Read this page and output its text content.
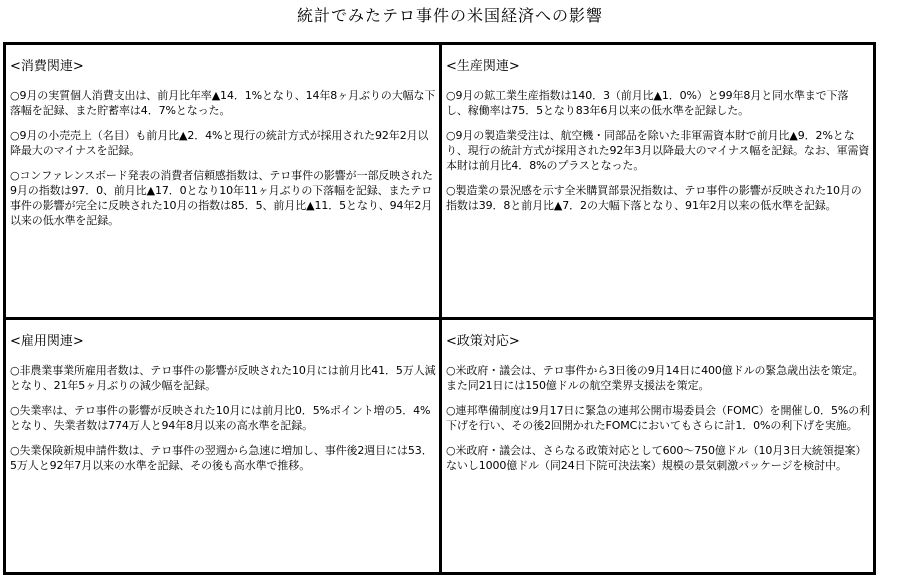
統計でみたテロ事件の米国経済への影響
<消費関連>

○9月の実質個人消費支出は、前月比年率▲14．1%となり、14年8ヶ月ぶりの大幅な下落幅を記録、また貯蓄率は4．7%となった。

○9月の小売売上（名目）も前月比▲2．4%と現行の統計方式が採用された92年2月以降最大のマイナスを記録。

○コンファレンスボード発表の消費者信頼感指数は、テロ事件の影響が一部反映された9月の指数は97．0、前月比▲17．0となり10年11ヶ月ぶりの下落幅を記録、またテロ事件の影響が完全に反映された10月の指数は85．5、前月比▲11．5となり、94年2月以来の低水準を記録。

<生産関連>

○9月の鉱工業生産指数は140．3（前月比▲1．0%）と99年8月と同水準まで下落し、稼働率は75．5となり83年6月以来の低水準を記録した。

○9月の製造業受注は、航空機・同部品を除いた非軍需資本財で前月比▲9．2%となり、現行の統計方式が採用された92年3月以降最大のマイナス幅を記録。なお、軍需資本財は前月比4．8%のプラスとなった。

○製造業の景況感を示す全米購買部景況指数は、テロ事件の影響が反映された10月の指数は39．8と前月比▲7．2の大幅下落となり、91年2月以来の低水準を記録。

<雇用関連>

○非農業事業所雇用者数は、テロ事件の影響が反映された10月には前月比41．5万人減となり、21年5ヶ月ぶりの減少幅を記録。

○失業率は、テロ事件の影響が反映された10月には前月比0．5%ポイント増の5．4%となり、失業者数は774万人と94年8月以来の高水準を記録。

○失業保険新規申請件数は、テロ事件の翌週から急速に増加し、事件後2週目には53．5万人と92年7月以来の水準を記録、その後も高水準で推移。

<政策対応>

○米政府・議会は、テロ事件から3日後の9月14日に400億ドルの緊急歳出法を策定。また同21日には150億ドルの航空業界支援法を策定。

○連邦準備制度は9月17日に緊急の連邦公開市場委員会（FOMC）を開催し0．5%の利下げを行い、その後2回開かれたFOMCにおいてもさらに計1．0%の利下げを実施。

○米政府・議会は、さらなる政策対応として600～750億ドル（10月3日大統領提案）ないし1000億ドル（同24日下院可決法案）規模の景気刺激パッケージを検討中。
